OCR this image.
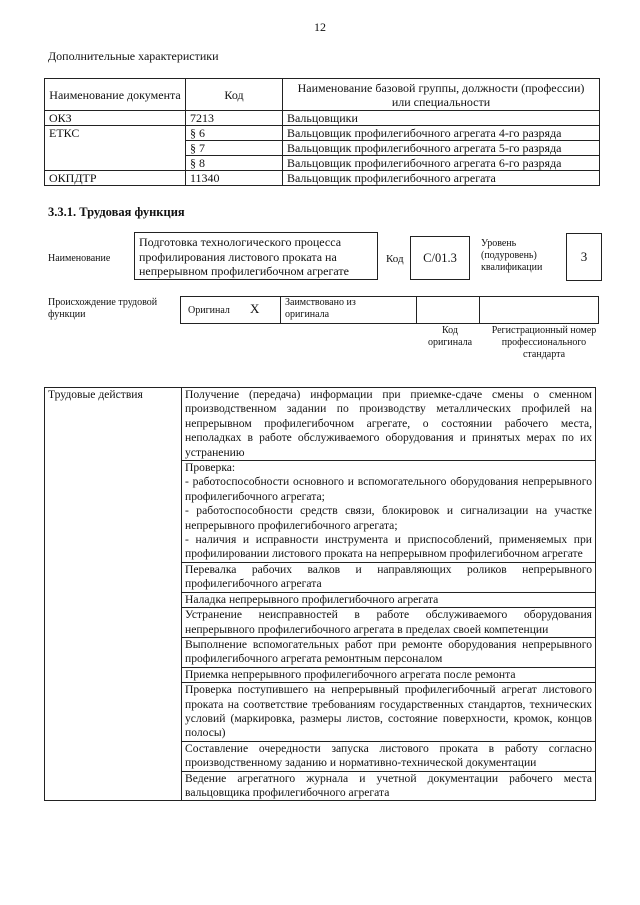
12
Дополнительные характеристики
Наименование документа	Код	Наименование базовой группы, должности (профессии) или специальности
ОКЗ	7213	Вальцовщики
ЕТКС	§ 6	Вальцовщик профилегибочного агрегата 4-го разряда
	§ 7	Вальцовщик профилегибочного агрегата 5-го разряда
	§ 8	Вальцовщик профилегибочного агрегата 6-го разряда
ОКПДТР	11340	Вальцовщик профилегибочного агрегата
3.3.1. Трудовая функция
Наименование
Подготовка технологического процесса профилирования листового проката на непрерывном профилегибочном агрегате
Код	C/01.3
Уровень (подуровень) квалификации
3
Происхождение трудовой функции	Оригинал X	Заимствовано из оригинала
Код оригинала
Регистрационный номер профессионального стандарта
Трудовые действия	Получение (передача) информации при приемке-сдаче смены о сменном производственном задании по производству металлических профилей на непрерывном профилегибочном агрегате, о состоянии рабочего места, неполадках в работе обслуживаемого оборудования и принятых мерах по их устранению

Проверка:
- работоспособности основного и вспомогательного оборудования непрерывного профилегибочного агрегата;
- работоспособности средств связи, блокировок и сигнализации на участке непрерывного профилегибочного агрегата;
- наличия и исправности инструмента и приспособлений, применяемых при профилировании листового проката на непрерывном профилегибочном агрегате

Перевалка рабочих валков и направляющих роликов непрерывного профилегибочного агрегата
Наладка непрерывного профилегибочного агрегата
Устранение неисправностей в работе обслуживаемого оборудования непрерывного профилегибочного агрегата в пределах своей компетенции
Выполнение вспомогательных работ при ремонте оборудования непрерывного профилегибочного агрегата ремонтным персоналом
Приемка непрерывного профилегибочного агрегата после ремонта
Проверка поступившего на непрерывный профилегибочный агрегат листового проката на соответствие требованиям государственных стандартов, технических условий (маркировка, размеры листов, состояние поверхности, кромок, концов полосы)
Составление очередности запуска листового проката в работу согласно производственному заданию и нормативно-технической документации
Ведение агрегатного журнала и учетной документации рабочего места вальцовщика профилегибочного агрегата
